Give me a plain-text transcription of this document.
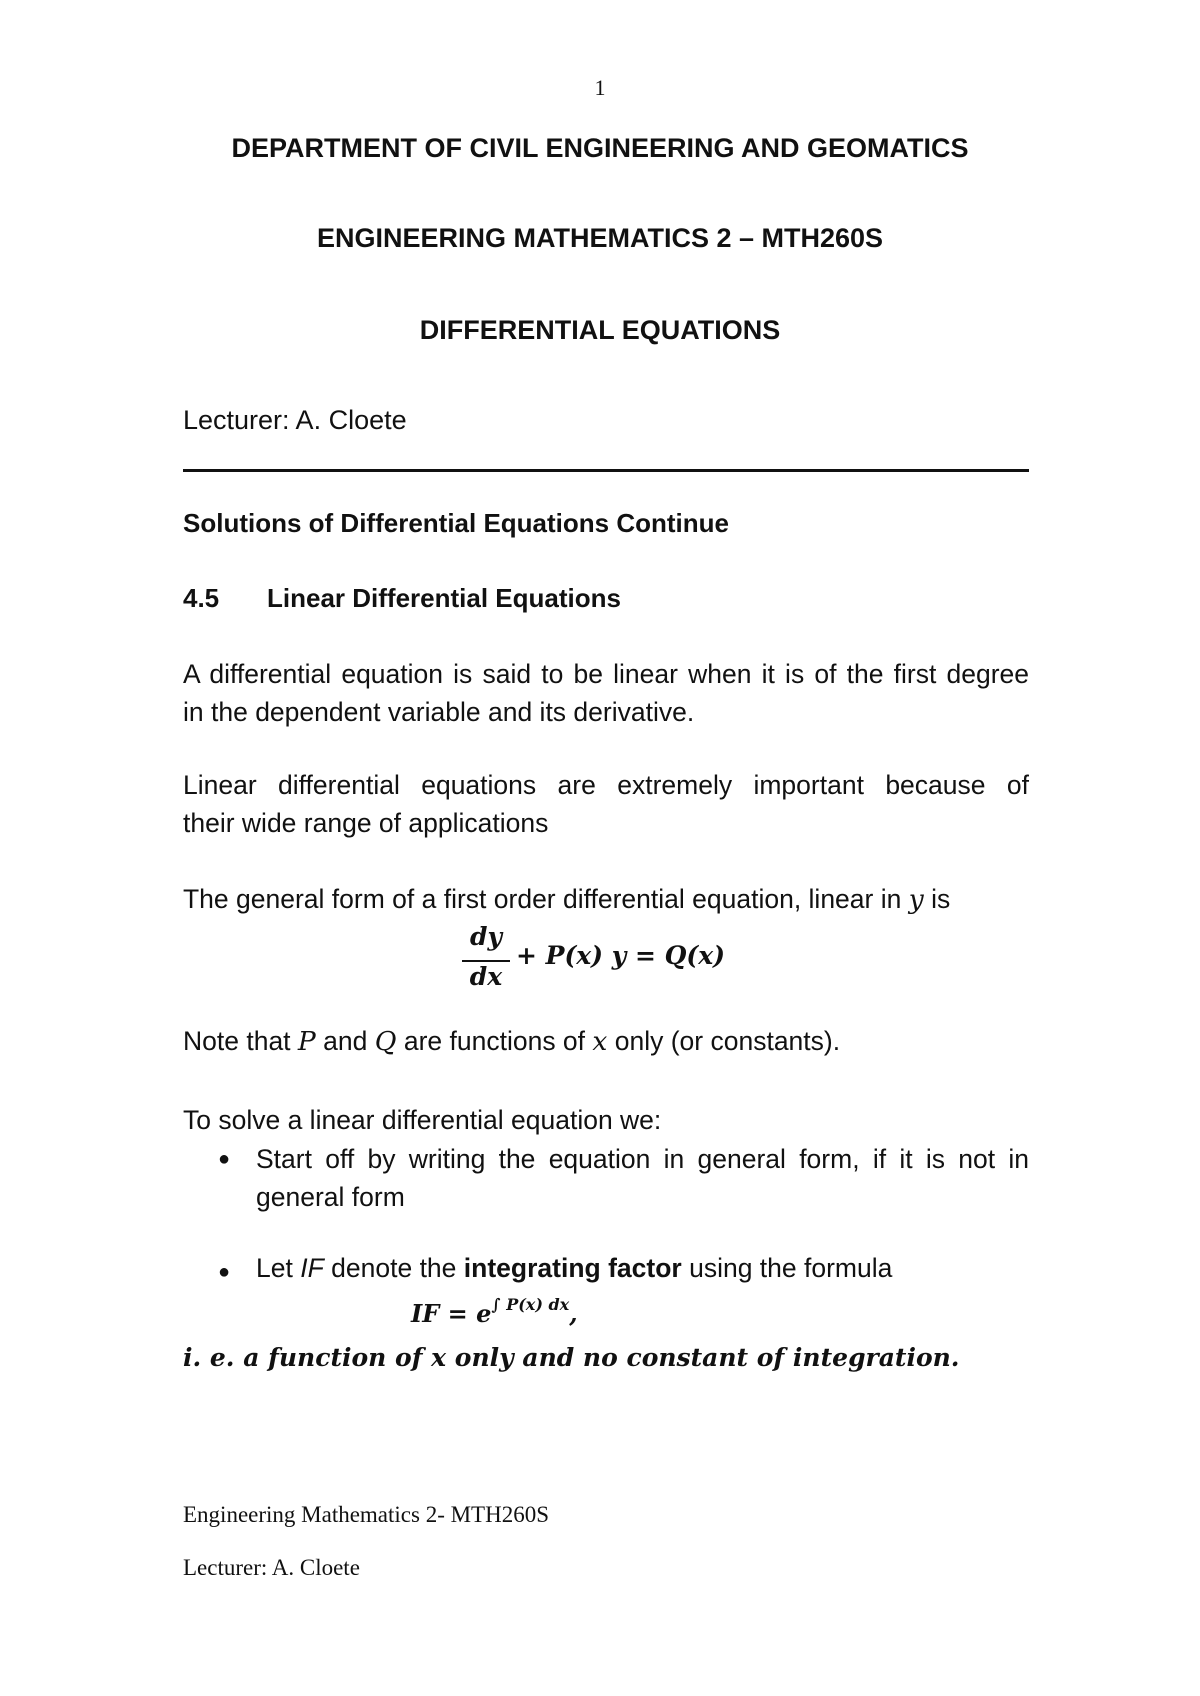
1
DEPARTMENT OF CIVIL ENGINEERING AND GEOMATICS
ENGINEERING MATHEMATICS 2 – MTH260S
DIFFERENTIAL EQUATIONS
Lecturer: A. Cloete
Solutions of Differential Equations Continue
4.5 Linear Differential Equations
A differential equation is said to be linear when it is of the first degree
in the dependent variable and its derivative.
Linear differential equations are extremely important because of
their wide range of applications
The general form of a first order differential equation, linear in y is
dy
dx
+ P(x) y = Q(x)
Note that P and Q are functions of x only (or constants).
To solve a linear differential equation we:
● Start off by writing the equation in general form, if it is not in
general form
● Let IF denote the integrating factor using the formula
IF = $e^{\int P(x) dx}$,
i. e. a function of x only and no constant of integration.
Engineering Mathematics 2- MTH260S
Lecturer: A. Cloete
